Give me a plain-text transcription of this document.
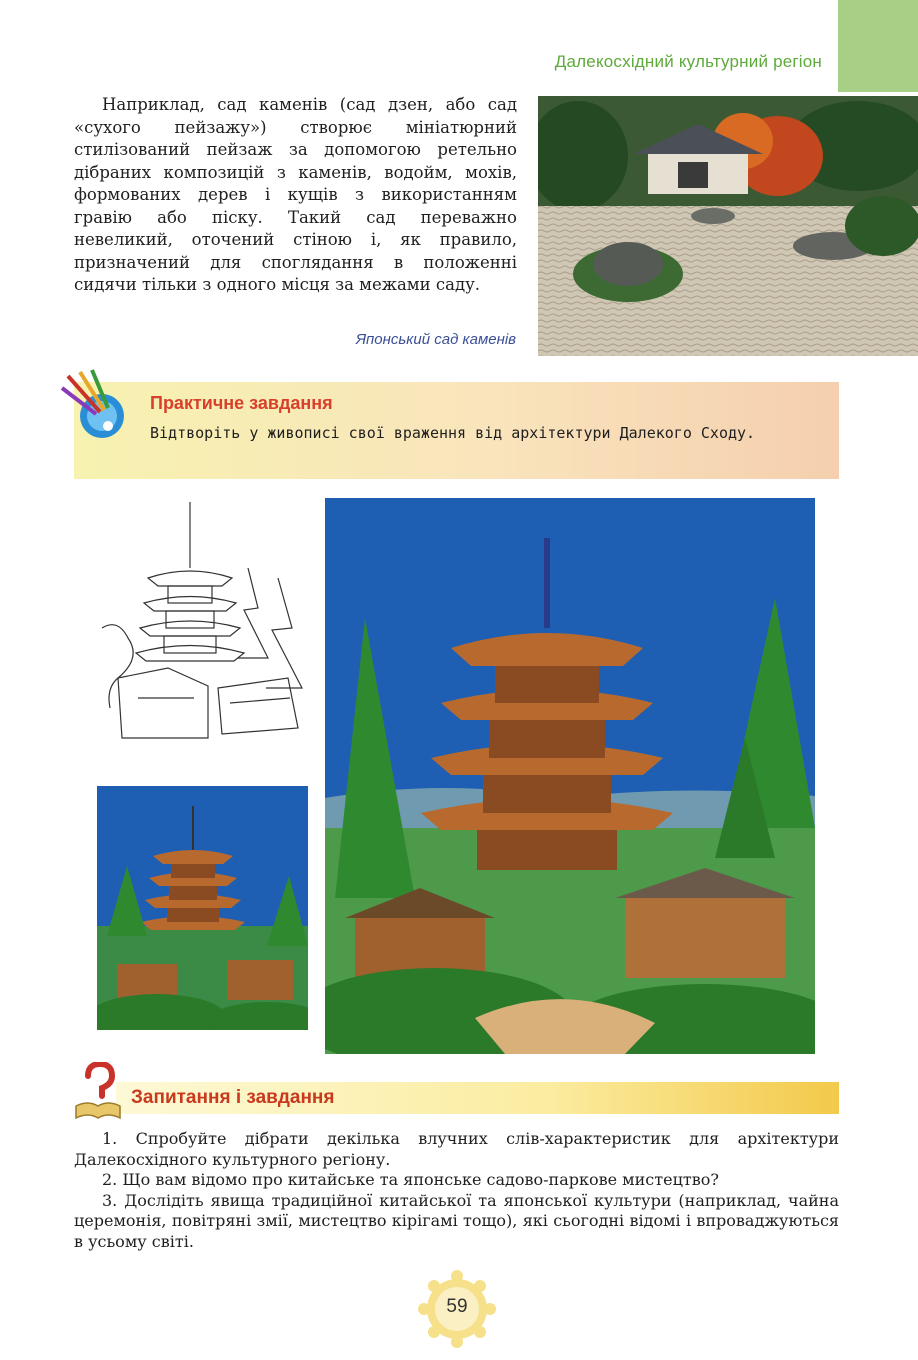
Далекосхідний культурний регіон

Наприклад, сад каменів (сад дзен, або сад «сухого пейзажу») створює мініатюрний стилізований пейзаж за допомогою ретельно дібраних композицій з каменів, водойм, мохів, формованих дерев і кущів з використанням гравію або піску. Такий сад переважно невеликий, оточений стіною і, як правило, призначений для споглядання в положенні сидячи тільки з одного місця за межами саду.

Японський сад каменів
Практичне завдання

Відтворіть у живописі свої враження від архітектури Далекого Сходу.

Запитання і завдання

1. Спробуйте дібрати декілька влучних слів-характеристик для архітектури Далекосхідного культурного регіону.

2. Що вам відомо про китайське та японське садово-паркове мистецтво?

3. Дослідіть явища традиційної китайської та японської культури (наприклад, чайна церемонія, повітряні змії, мистецтво кірігамі тощо), які сьогодні відомі і впроваджуються в усьому світі.

59
